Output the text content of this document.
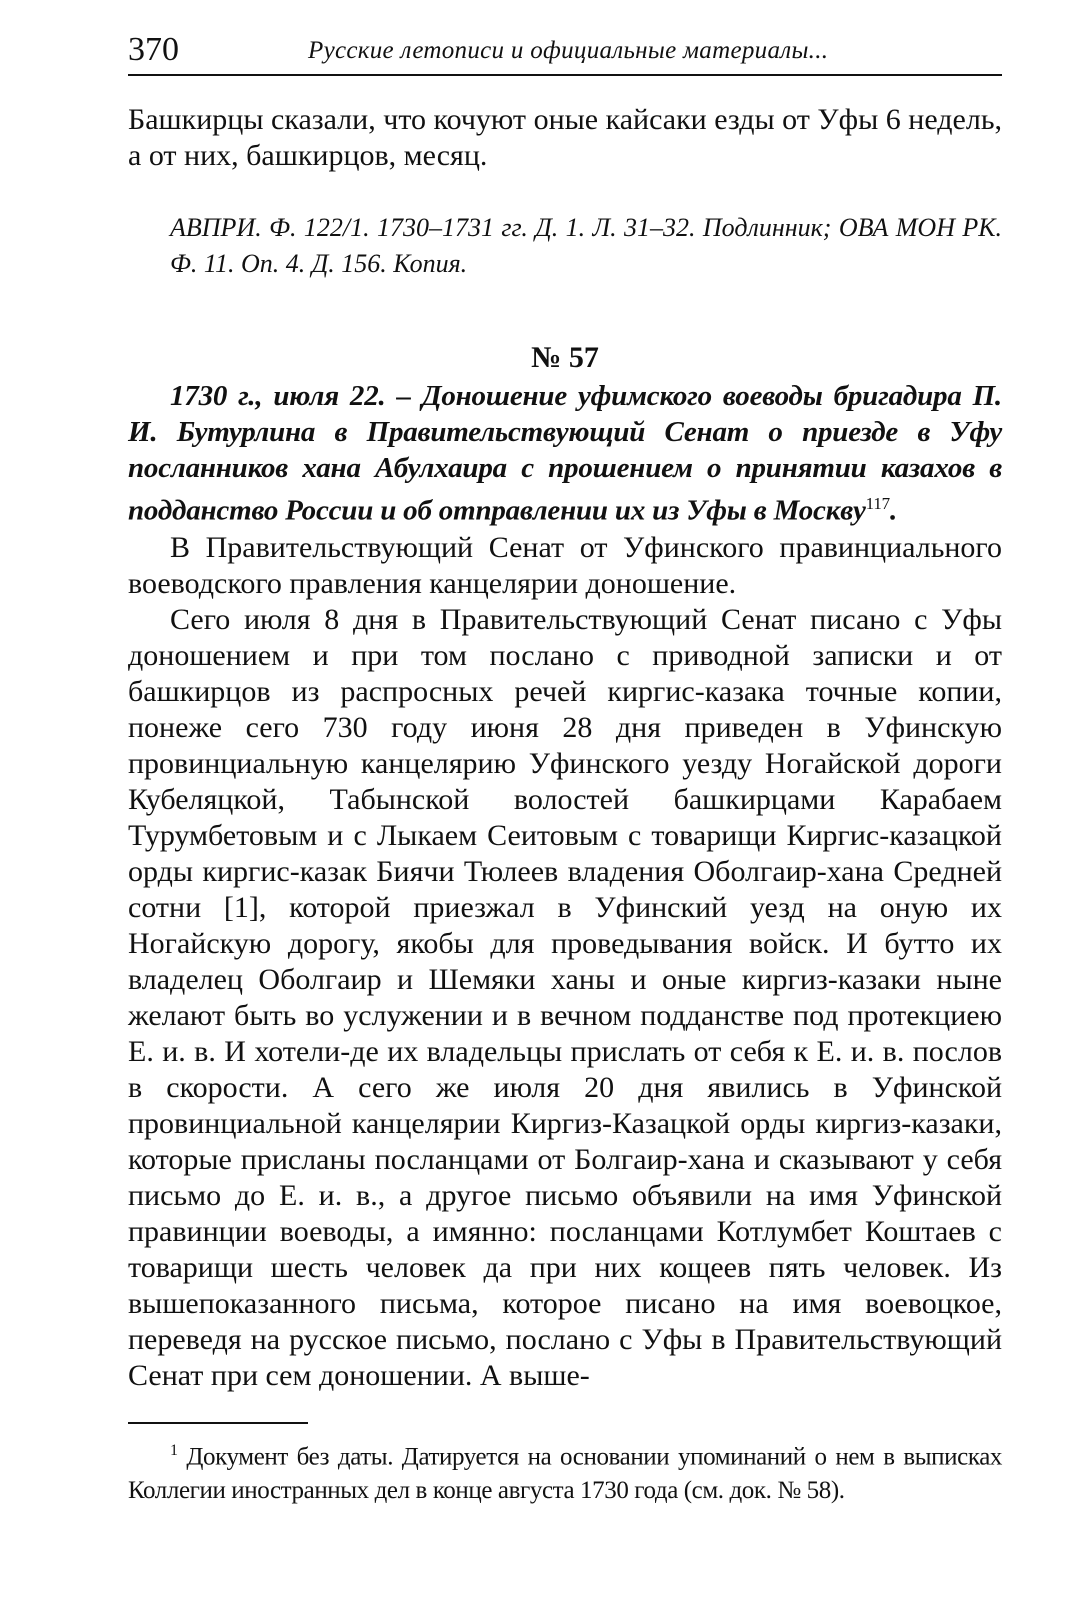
370	Русские летописи и официальные материалы...

Башкирцы сказали, что кочуют оные кайсаки езды от Уфы 6 недель, а от них, башкирцов, месяц.

АВПРИ. Ф. 122/1. 1730–1731 гг. Д. 1. Л. 31–32. Подлинник; ОВА МОН РК. Ф. 11. Оп. 4. Д. 156. Копия.

№ 57

1730 г., июля 22. – Доношение уфимского воеводы бригадира П. И. Бутурлина в Правительствующий Сенат о приезде в Уфу посланников хана Абулхаира с прошением о принятии казахов в подданство России и об отправлении их из Уфы в Москву$^{117}$.

В Правительствующий Сенат от Уфинского правинциального воеводского правления канцелярии доношение.

Сего июля 8 дня в Правительствующий Сенат писано с Уфы доношением и при том послано с приводной записки и от башкирцов из распросных речей киргис-казака точные копии, понеже сего 730 году июня 28 дня приведен в Уфинскую провинциальную канцелярию Уфинского уезду Ногайской дороги Кубеляцкой, Табынской волостей башкирцами Карабаем Турумбетовым и с Лыкаем Сеитовым с товарищи Киргис-казацкой орды киргис-казак Биячи Тюлеев владения Оболгаир-хана Средней сотни [1], которой приезжал в Уфинский уезд на оную их Ногайскую дорогу, якобы для проведывания войск. И бутто их владелец Оболгаир и Шемяки ханы и оные киргиз-казаки ныне желают быть во услужении и в вечном подданстве под протекциею Е. и. в. И хотели-де их владельцы прислать от себя к Е. и. в. послов в скорости. А сего же июля 20 дня явились в Уфинской провинциальной канцелярии Киргиз-Казацкой орды киргиз-казаки, которые присланы посланцами от Болгаир-хана и сказывают у себя письмо до Е. и. в., а другое письмо объявили на имя Уфинской правинции воеводы, а имянно: посланцами Котлумбет Коштаев с товарищи шесть человек да при них кощеев пять человек. Из вышепоказанного письма, которое писано на имя воевоцкое, переведя на русское письмо, послано с Уфы в Правительствующий Сенат при сем доношении. А выше-

$^1$ Документ без даты. Датируется на основании упоминаний о нем в выписках Коллегии иностранных дел в конце августа 1730 года (см. док. № 58).
